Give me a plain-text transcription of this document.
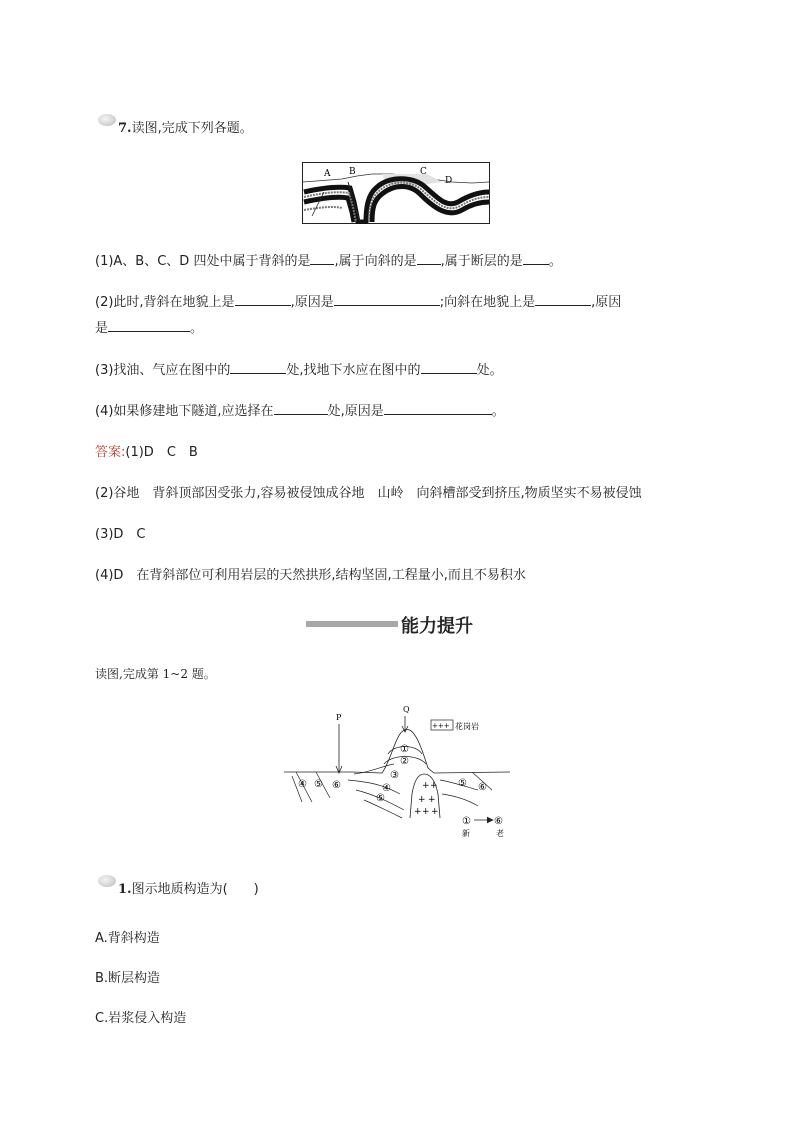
7.读图,完成下列各题。
A B	C
D
(1)A、B、C、D 四处中属于背斜的是 ,属于向斜的是 ,属于断层的是 。
(2)此时,背斜在地貌上是	,原因是	;向斜在地貌上是	,原因
是	。
(3)找油、气应在图中的	处,找地下水应在图中的	处。
(4)如果修建地下隧道,应选择在	处,原因是	。
答案:(1)D　C　B
(2)谷地　背斜顶部因受张力,容易被侵蚀成谷地　山岭　向斜槽部受到挤压,物质坚实不易被侵蚀
(3)D　C
(4)D　在背斜部位可利用岩层的天然拱形,结构坚固,工程量小,而且不易积水
能力提升
读图,完成第 1~2 题。
P
Q
+++ 花岗岩
+ +
+ +
+ +
+
①
②
③
④
⑤
④ ⑤ ⑥	⑤ ⑥
① ⑥
新	老
1.图示地质构造为(　　)
A.背斜构造
B.断层构造
C.岩浆侵入构造
